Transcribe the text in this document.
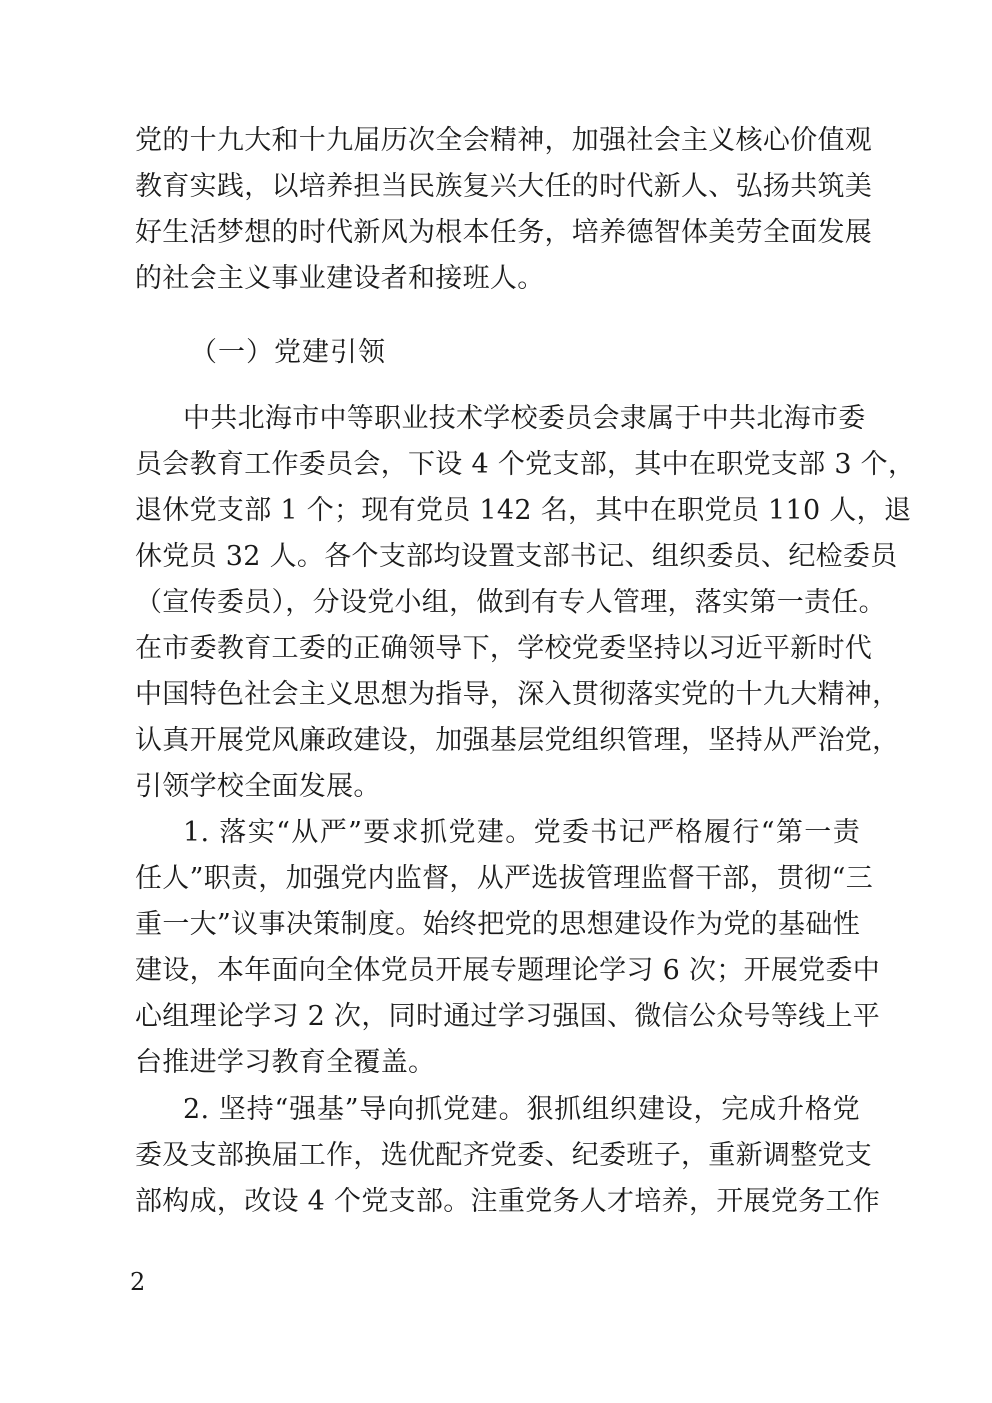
党的十九大和十九届历次全会精神，加强社会主义核心价值观
教育实践，以培养担当民族复兴大任的时代新人、弘扬共筑美
好生活梦想的时代新风为根本任务，培养德智体美劳全面发展
的社会主义事业建设者和接班人。
（一）党建引领
中共北海市中等职业技术学校委员会隶属于中共北海市委
员会教育工作委员会，下设 4 个党支部，其中在职党支部 3 个，
退休党支部 1 个；现有党员 142 名，其中在职党员 110 人，退
休党员 32 人。各个支部均设置支部书记、组织委员、纪检委员
（宣传委员），分设党小组，做到有专人管理，落实第一责任。
在市委教育工委的正确领导下，学校党委坚持以习近平新时代
中国特色社会主义思想为指导，深入贯彻落实党的十九大精神，
认真开展党风廉政建设，加强基层党组织管理，坚持从严治党，
引领学校全面发展。
1. 落实“从严”要求抓党建。党委书记严格履行“第一责
任人”职责，加强党内监督，从严选拔管理监督干部，贯彻“三
重一大”议事决策制度。始终把党的思想建设作为党的基础性
建设，本年面向全体党员开展专题理论学习 6 次；开展党委中
心组理论学习 2 次，同时通过学习强国、微信公众号等线上平
台推进学习教育全覆盖。
2. 坚持“强基”导向抓党建。狠抓组织建设，完成升格党
委及支部换届工作，选优配齐党委、纪委班子，重新调整党支
部构成，改设 4 个党支部。注重党务人才培养，开展党务工作
2
